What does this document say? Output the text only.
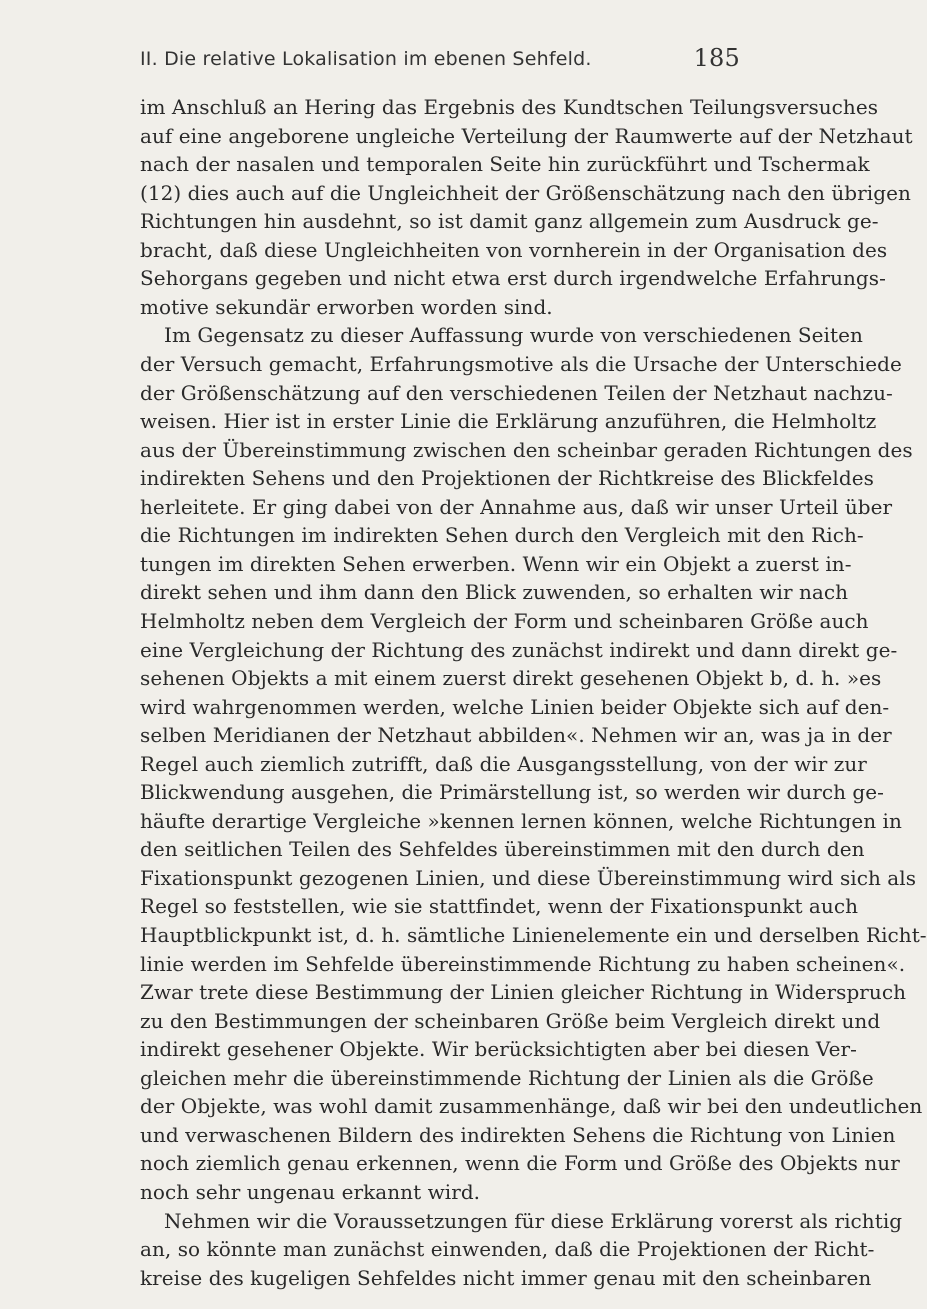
II. Die relative Lokalisation im ebenen Sehfeld.	185
im Anschluß an Hering das Ergebnis des Kundtschen Teilungsversuches
auf eine angeborene ungleiche Verteilung der Raumwerte auf der Netzhaut
nach der nasalen und temporalen Seite hin zurückführt und Tschermak
(12) dies auch auf die Ungleichheit der Größenschätzung nach den übrigen
Richtungen hin ausdehnt, so ist damit ganz allgemein zum Ausdruck ge-
bracht, daß diese Ungleichheiten von vornherein in der Organisation des
Sehorgans gegeben und nicht etwa erst durch irgendwelche Erfahrungs-
motive sekundär erworben worden sind.
Im Gegensatz zu dieser Auffassung wurde von verschiedenen Seiten
der Versuch gemacht, Erfahrungsmotive als die Ursache der Unterschiede
der Größenschätzung auf den verschiedenen Teilen der Netzhaut nachzu-
weisen. Hier ist in erster Linie die Erklärung anzuführen, die Helmholtz
aus der Übereinstimmung zwischen den scheinbar geraden Richtungen des
indirekten Sehens und den Projektionen der Richtkreise des Blickfeldes
herleitete. Er ging dabei von der Annahme aus, daß wir unser Urteil über
die Richtungen im indirekten Sehen durch den Vergleich mit den Rich-
tungen im direkten Sehen erwerben. Wenn wir ein Objekt a zuerst in-
direkt sehen und ihm dann den Blick zuwenden, so erhalten wir nach
Helmholtz neben dem Vergleich der Form und scheinbaren Größe auch
eine Vergleichung der Richtung des zunächst indirekt und dann direkt ge-
sehenen Objekts a mit einem zuerst direkt gesehenen Objekt b, d. h. »es
wird wahrgenommen werden, welche Linien beider Objekte sich auf den-
selben Meridianen der Netzhaut abbilden«. Nehmen wir an, was ja in der
Regel auch ziemlich zutrifft, daß die Ausgangsstellung, von der wir zur
Blickwendung ausgehen, die Primärstellung ist, so werden wir durch ge-
häufte derartige Vergleiche »kennen lernen können, welche Richtungen in
den seitlichen Teilen des Sehfeldes übereinstimmen mit den durch den
Fixationspunkt gezogenen Linien, und diese Übereinstimmung wird sich als
Regel so feststellen, wie sie stattfindet, wenn der Fixationspunkt auch
Hauptblickpunkt ist, d. h. sämtliche Linienelemente ein und derselben Richt-
linie werden im Sehfelde übereinstimmende Richtung zu haben scheinen«.
Zwar trete diese Bestimmung der Linien gleicher Richtung in Widerspruch
zu den Bestimmungen der scheinbaren Größe beim Vergleich direkt und
indirekt gesehener Objekte. Wir berücksichtigten aber bei diesen Ver-
gleichen mehr die übereinstimmende Richtung der Linien als die Größe
der Objekte, was wohl damit zusammenhänge, daß wir bei den undeutlichen
und verwaschenen Bildern des indirekten Sehens die Richtung von Linien
noch ziemlich genau erkennen, wenn die Form und Größe des Objekts nur
noch sehr ungenau erkannt wird.
Nehmen wir die Voraussetzungen für diese Erklärung vorerst als richtig
an, so könnte man zunächst einwenden, daß die Projektionen der Richt-
kreise des kugeligen Sehfeldes nicht immer genau mit den scheinbaren
